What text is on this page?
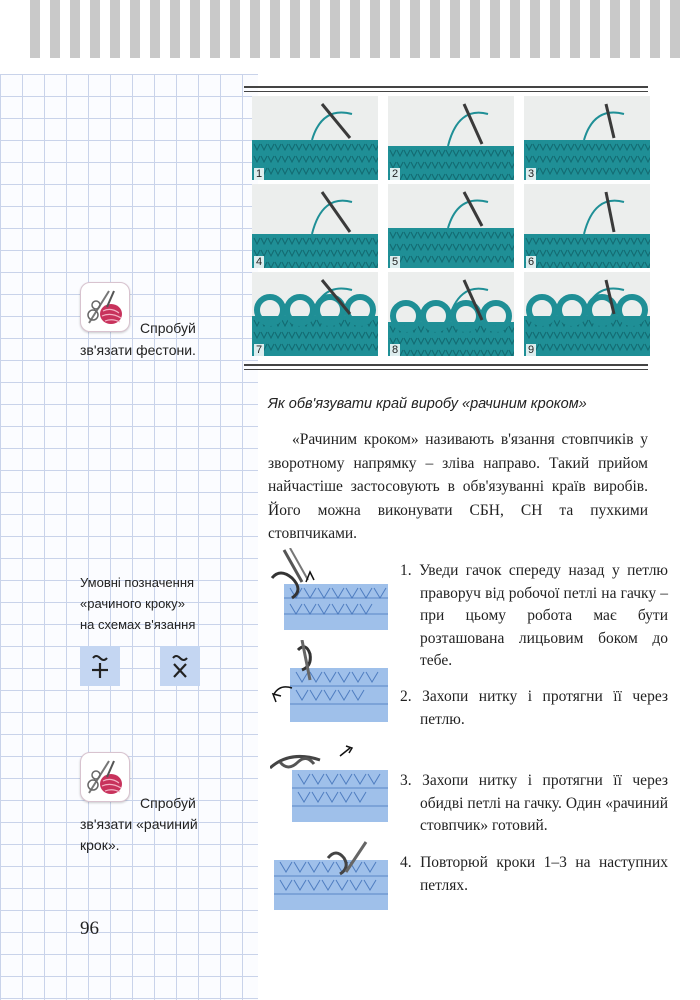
Спробуй
зв'язати фестони.
Умовні позначення
«рачиного кроку»
на схемах в'язання
Спробуй
зв'язати «рачиний
крок».
96
1	2	3
4	5	6
7	8	9
Як обв'язувати край виробу «рачиним кроком»
«Рачиним кроком» називають в'язання стовпчиків у зворотному напрямку – зліва направо. Такий прийом найчастіше застосовують в обв'язуванні країв виробів. Його можна виконувати СБН, СН та пухкими стовпчиками.
1. Уведи гачок спереду назад у петлю праворуч від робочої петлі на гачку – при цьому робота має бути розташована лицьовим боком до тебе.
2. Захопи нитку і протягни її через петлю.
3. Захопи нитку і протягни її через обидві петлі на гачку. Один «рачиний стовпчик» готовий.
4. Повторюй кроки 1–3 на наступних петлях.
